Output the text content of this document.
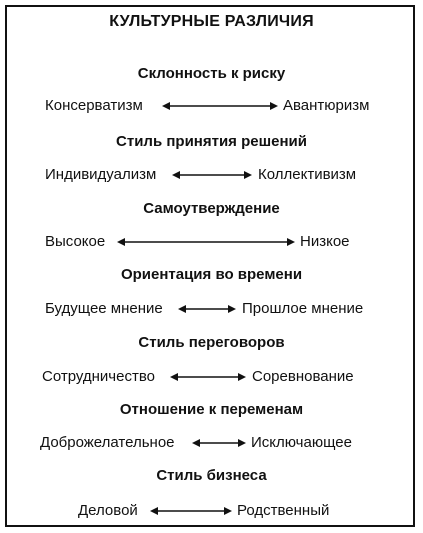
КУЛЬТУРНЫЕ РАЗЛИЧИЯ
Склонность к риску
Консерватизм	Авантюризм
Стиль принятия решений
Индивидуализм	Коллективизм
Самоутверждение
Высокое	Низкое
Ориентация во времени
Будущее мнение	Прошлое мнение
Стиль переговоров
Сотрудничество	Соревнование
Отношение к переменам
Доброжелательное	Исключающее
Стиль бизнеса
Деловой	Родственный
